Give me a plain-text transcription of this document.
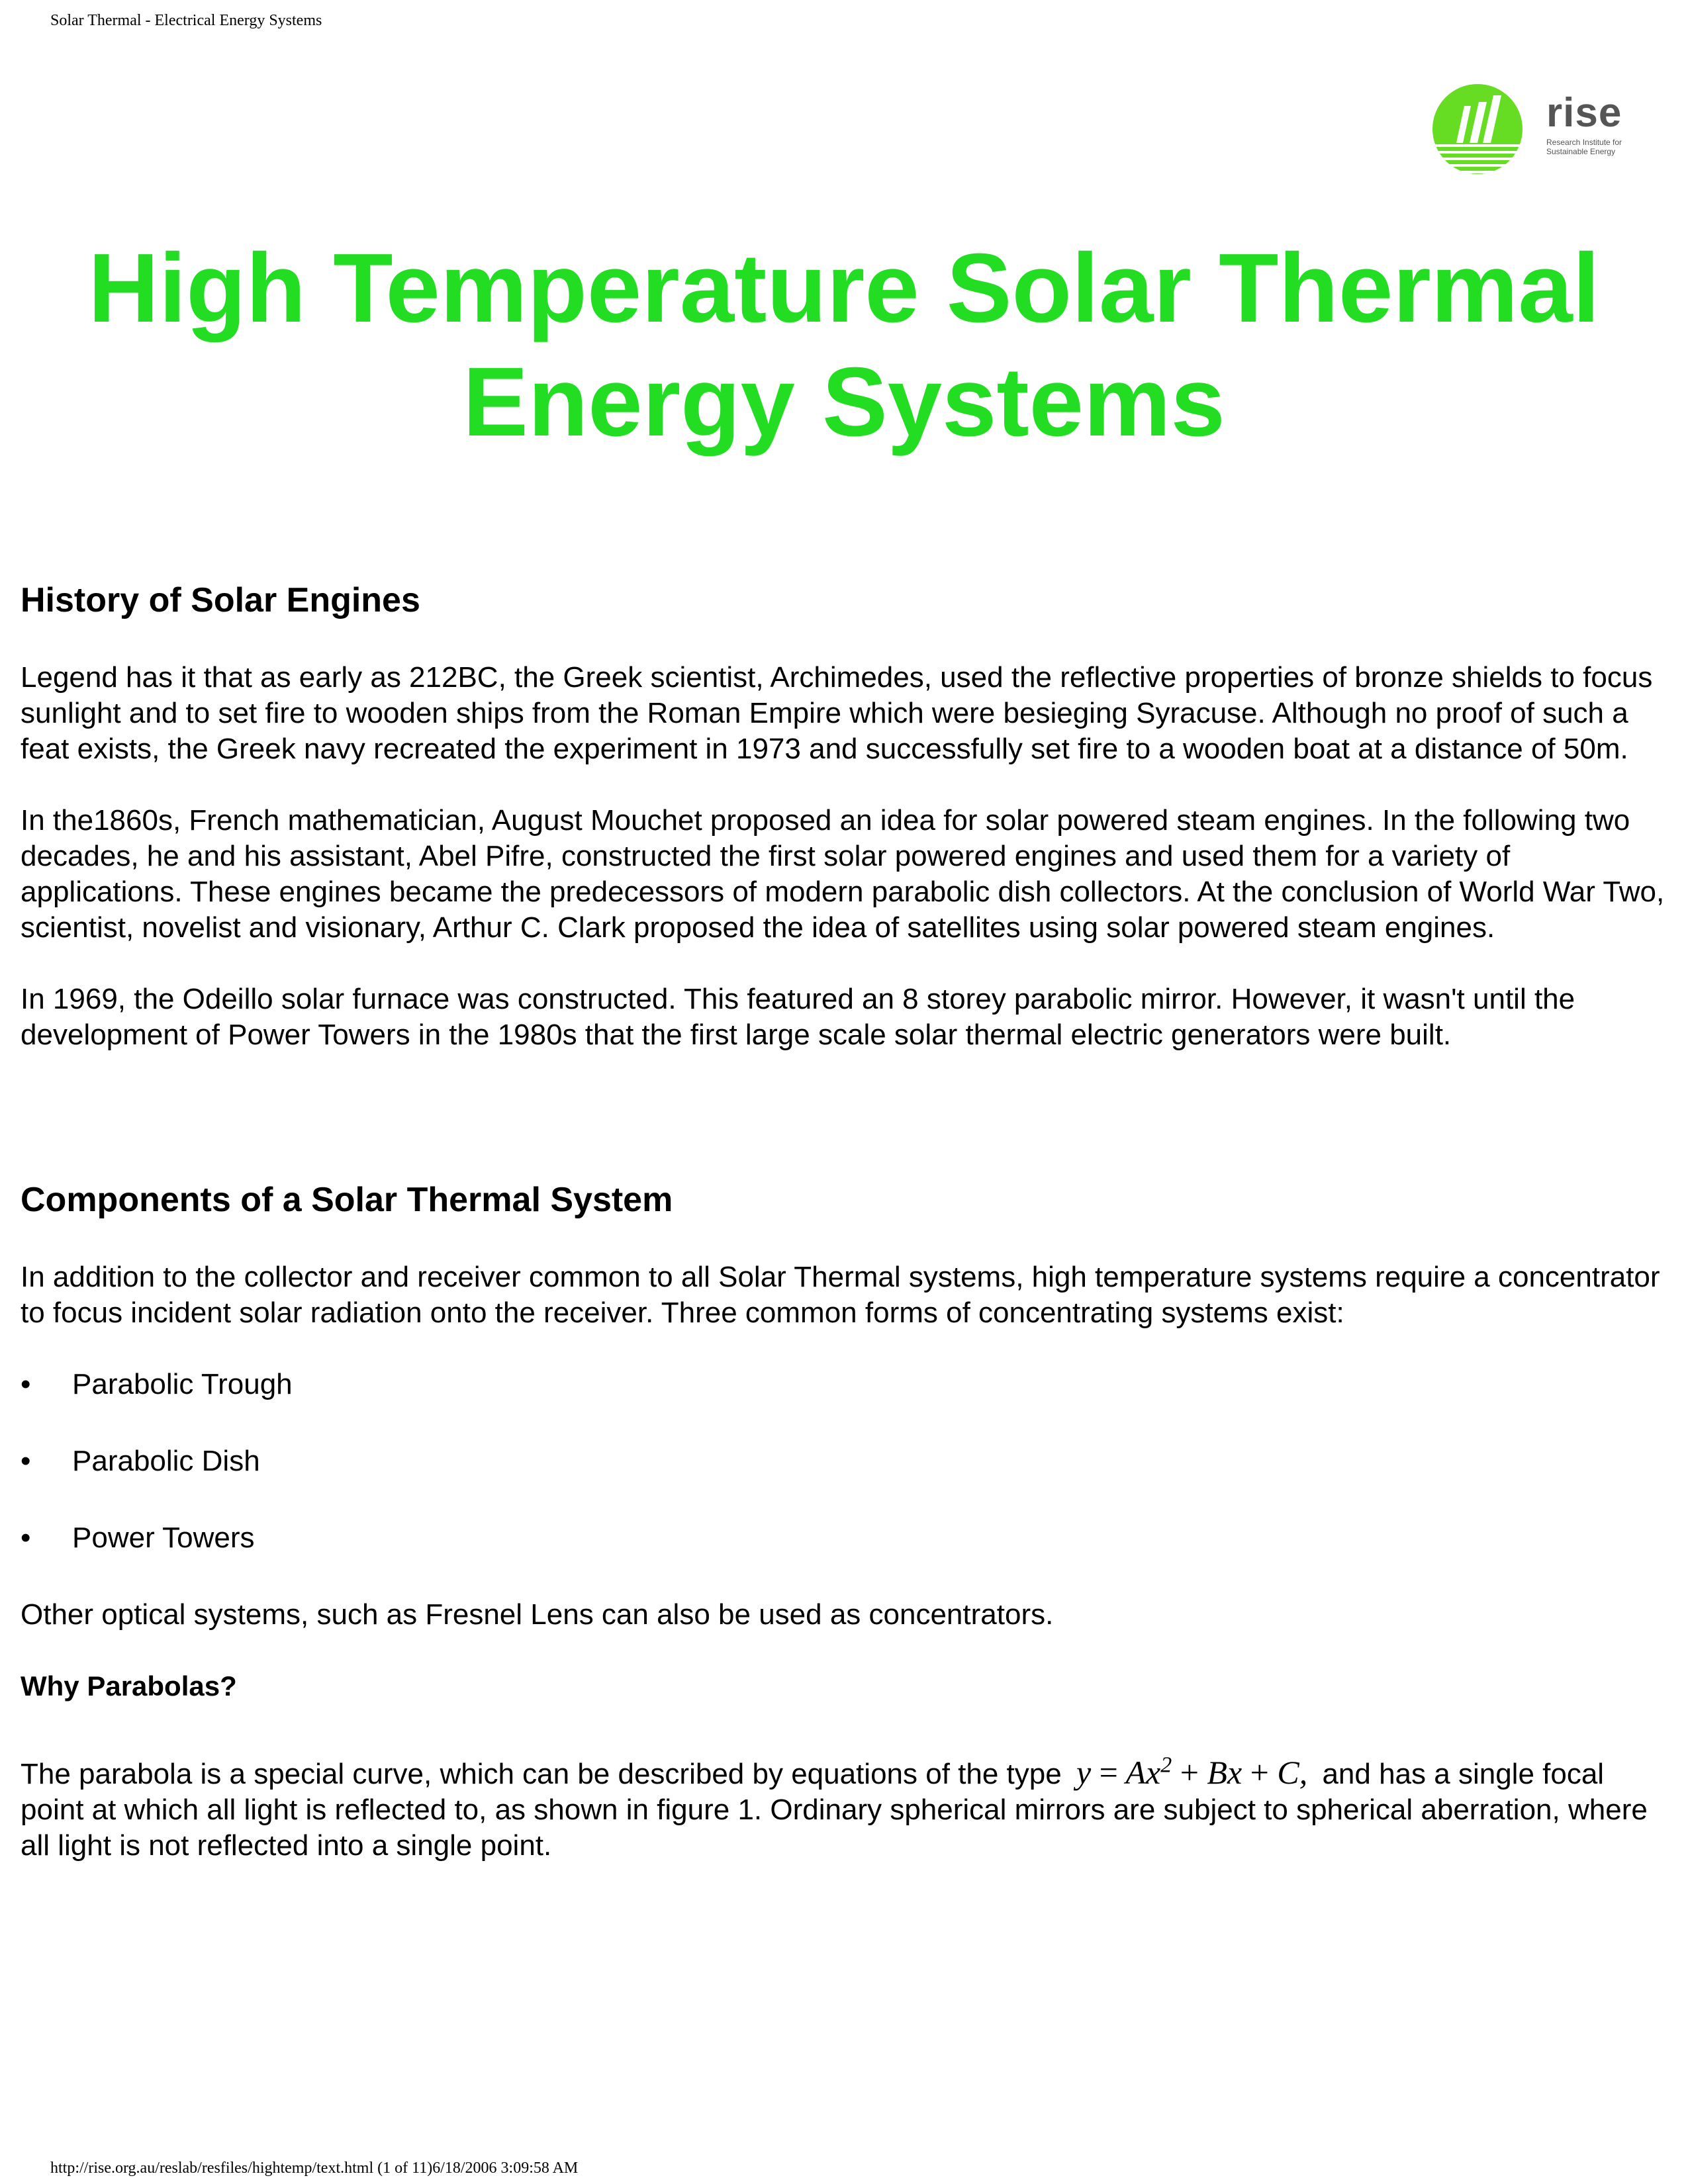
Solar Thermal - Electrical Energy Systems
rise
Research Institute for Sustainable Energy
High Temperature Solar Thermal
Energy Systems
History of Solar Engines

Legend has it that as early as 212BC, the Greek scientist, Archimedes, used the reflective properties of bronze shields to focus sunlight and to set fire to wooden ships from the Roman Empire which were besieging Syracuse. Although no proof of such a feat exists, the Greek navy recreated the experiment in 1973 and successfully set fire to a wooden boat at a distance of 50m.

In the1860s, French mathematician, August Mouchet proposed an idea for solar powered steam engines. In the following two decades, he and his assistant, Abel Pifre, constructed the first solar powered engines and used them for a variety of applications. These engines became the predecessors of modern parabolic dish collectors. At the conclusion of World War Two, scientist, novelist and visionary, Arthur C. Clark proposed the idea of satellites using solar powered steam engines.

In 1969, the Odeillo solar furnace was constructed. This featured an 8 storey parabolic mirror. However, it wasn't until the development of Power Towers in the 1980s that the first large scale solar thermal electric generators were built.

Components of a Solar Thermal System

In addition to the collector and receiver common to all Solar Thermal systems, high temperature systems require a concentrator to focus incident solar radiation onto the receiver. Three common forms of concentrating systems exist:

• Parabolic Trough
• Parabolic Dish
• Power Towers

Other optical systems, such as Fresnel Lens can also be used as concentrators.

Why Parabolas?

The parabola is a special curve, which can be described by equations of the type $y = Ax^2 + Bx + C$, and has a single focal point at which all light is reflected to, as shown in figure 1. Ordinary spherical mirrors are subject to spherical aberration, where all light is not reflected into a single point.

http://rise.org.au/reslab/resfiles/hightemp/text.html (1 of 11)6/18/2006 3:09:58 AM
